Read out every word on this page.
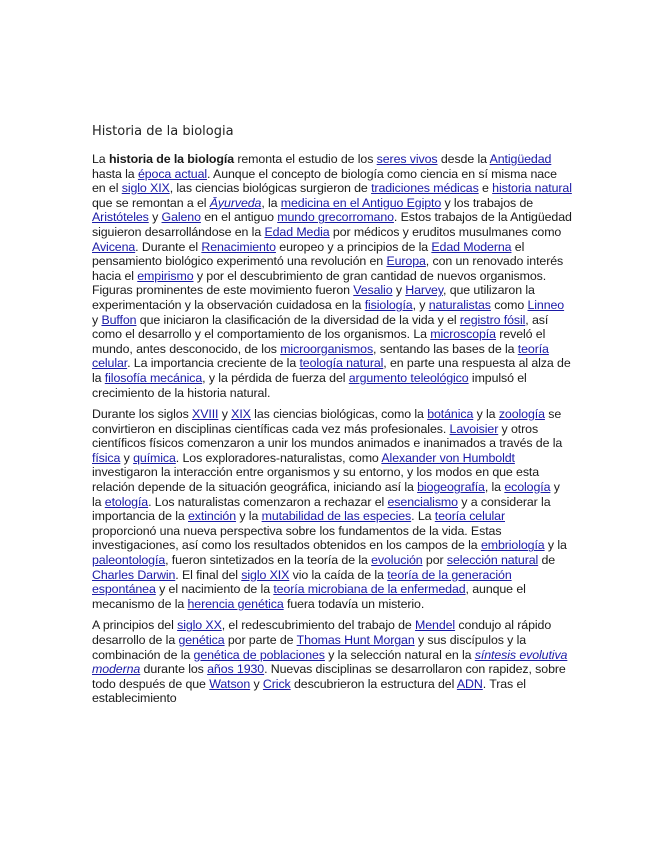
Historia de la biologia

La historia de la biología remonta el estudio de los seres vivos desde la Antigüedad hasta la época actual. Aunque el concepto de biología como ciencia en sí misma nace en el siglo XIX, las ciencias biológicas surgieron de tradiciones médicas e historia natural que se remontan a el Āyurveda, la medicina en el Antiguo Egipto y los trabajos de Aristóteles y Galeno en el antiguo mundo grecorromano. Estos trabajos de la Antigüedad siguieron desarrollándose en la Edad Media por médicos y eruditos musulmanes como Avicena. Durante el Renacimiento europeo y a principios de la Edad Moderna el pensamiento biológico experimentó una revolución en Europa, con un renovado interés hacia el empirismo y por el descubrimiento de gran cantidad de nuevos organismos. Figuras prominentes de este movimiento fueron Vesalio y Harvey, que utilizaron la experimentación y la observación cuidadosa en la fisiología, y naturalistas como Linneo y Buffon que iniciaron la clasificación de la diversidad de la vida y el registro fósil, así como el desarrollo y el comportamiento de los organismos. La microscopía reveló el mundo, antes desconocido, de los microorganismos, sentando las bases de la teoría celular. La importancia creciente de la teología natural, en parte una respuesta al alza de la filosofía mecánica, y la pérdida de fuerza del argumento teleológico impulsó el crecimiento de la historia natural.

Durante los siglos XVIII y XIX las ciencias biológicas, como la botánica y la zoología se convirtieron en disciplinas científicas cada vez más profesionales. Lavoisier y otros científicos físicos comenzaron a unir los mundos animados e inanimados a través de la física y química. Los exploradores-naturalistas, como Alexander von Humboldt investigaron la interacción entre organismos y su entorno, y los modos en que esta relación depende de la situación geográfica, iniciando así la biogeografía, la ecología y la etología. Los naturalistas comenzaron a rechazar el esencialismo y a considerar la importancia de la extinción y la mutabilidad de las especies. La teoría celular proporcionó una nueva perspectiva sobre los fundamentos de la vida. Estas investigaciones, así como los resultados obtenidos en los campos de la embriología y la paleontología, fueron sintetizados en la teoría de la evolución por selección natural de Charles Darwin. El final del siglo XIX vio la caída de la teoría de la generación espontánea y el nacimiento de la teoría microbiana de la enfermedad, aunque el mecanismo de la herencia genética fuera todavía un misterio.

A principios del siglo XX, el redescubrimiento del trabajo de Mendel condujo al rápido desarrollo de la genética por parte de Thomas Hunt Morgan y sus discípulos y la combinación de la genética de poblaciones y la selección natural en la síntesis evolutiva moderna durante los años 1930. Nuevas disciplinas se desarrollaron con rapidez, sobre todo después de que Watson y Crick descubrieron la estructura del ADN. Tras el establecimiento
